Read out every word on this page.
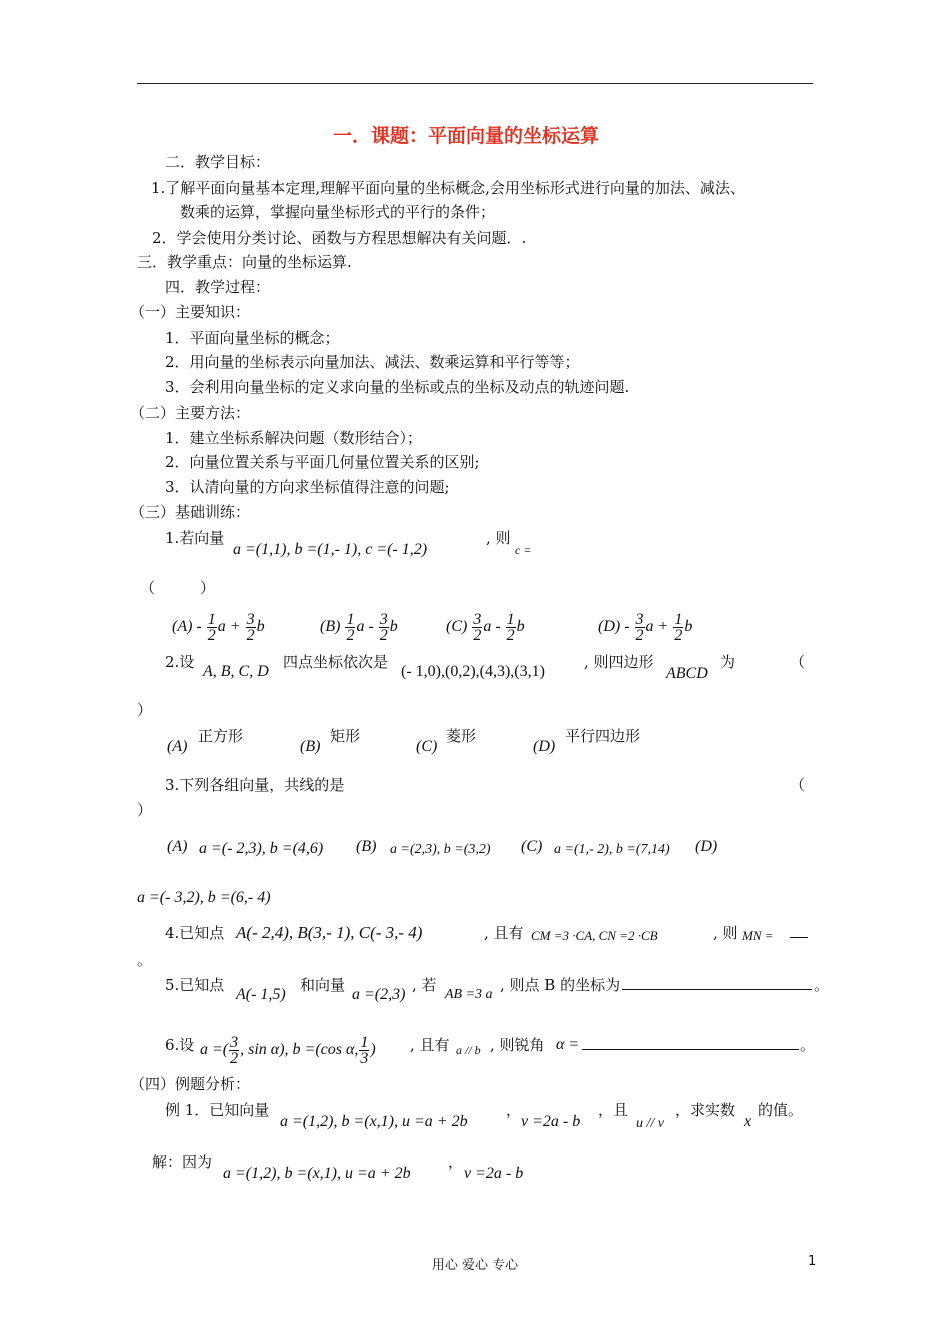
一．课题：平面向量的坐标运算
二．教学目标：
1.了解平面向量基本定理,理解平面向量的坐标概念,会用坐标形式进行向量的加法、减法、
数乘的运算，掌握向量坐标形式的平行的条件；
2．学会使用分类讨论、函数与方程思想解决有关问题．.
三．教学重点：向量的坐标运算.
四．教学过程：
（一）主要知识：
1．平面向量坐标的概念；
2．用向量的坐标表示向量加法、减法、数乘运算和平行等等；
3．会利用向量坐标的定义求向量的坐标或点的坐标及动点的轨迹问题.
（二）主要方法：
1．建立坐标系解决问题（数形结合）；
2．向量位置关系与平面几何量位置关系的区别;
3．认清向量的方向求坐标值得注意的问题;
（三）基础训练：
1.若向量
a =(1,1), b =(1,- 1), c =(- 1,2)
, 则
c =
（　　　）
$(A) - \frac{1}{2}$ $a + \frac{3}{2}$ b	$(B) \frac{1}{2}$ a - $\frac{3}{2}$ b	$(C) \frac{3}{2}$ a - $\frac{1}{2}$ b	$(D) - \frac{3}{2}$ $a + \frac{1}{2}$ b
2.设
A, B, C, D
四点坐标依次是
(- 1,0),(0,2),(4,3),(3,1)
, 则四边形
ABCD
为	（
）
(A)
正方形
(B)
矩形
(C)
菱形
(D)
平行四边形
3.下列各组向量，共线的是	（
）
(A) a =(- 2,3), b =(4,6) (B) a =(2,3), b =(3,2) (C) a =(1,- 2), b =(7,14) (D)
a =(- 3,2), b =(6,- 4)
4.已知点 A(- 2,4), B(3,- 1), C(- 3,- 4)	, 且有 CM =3 ·CA, CN =2 ·CB	, 则 MN =
。
5.已知点
A(- 1,5)
和向量
a =(2,3)
, 若
AB =3 a
, 则点 B 的坐标为	。
6.设 a =( $\frac{3}{2}$ , sin α), b =(cos α, $\frac{1}{3}$ ) , 且有 a // b , 则锐角 α =	。
（四）例题分析：
例 1．已知向量
a =(1,2), b =(x,1), u =a + 2b
，
v =2a - b
，且
u // v
，求实数
x
的值。
解：因为
a =(1,2), b =(x,1), u =a + 2b
，
v =2a - b
用心 爱心 专心	1
